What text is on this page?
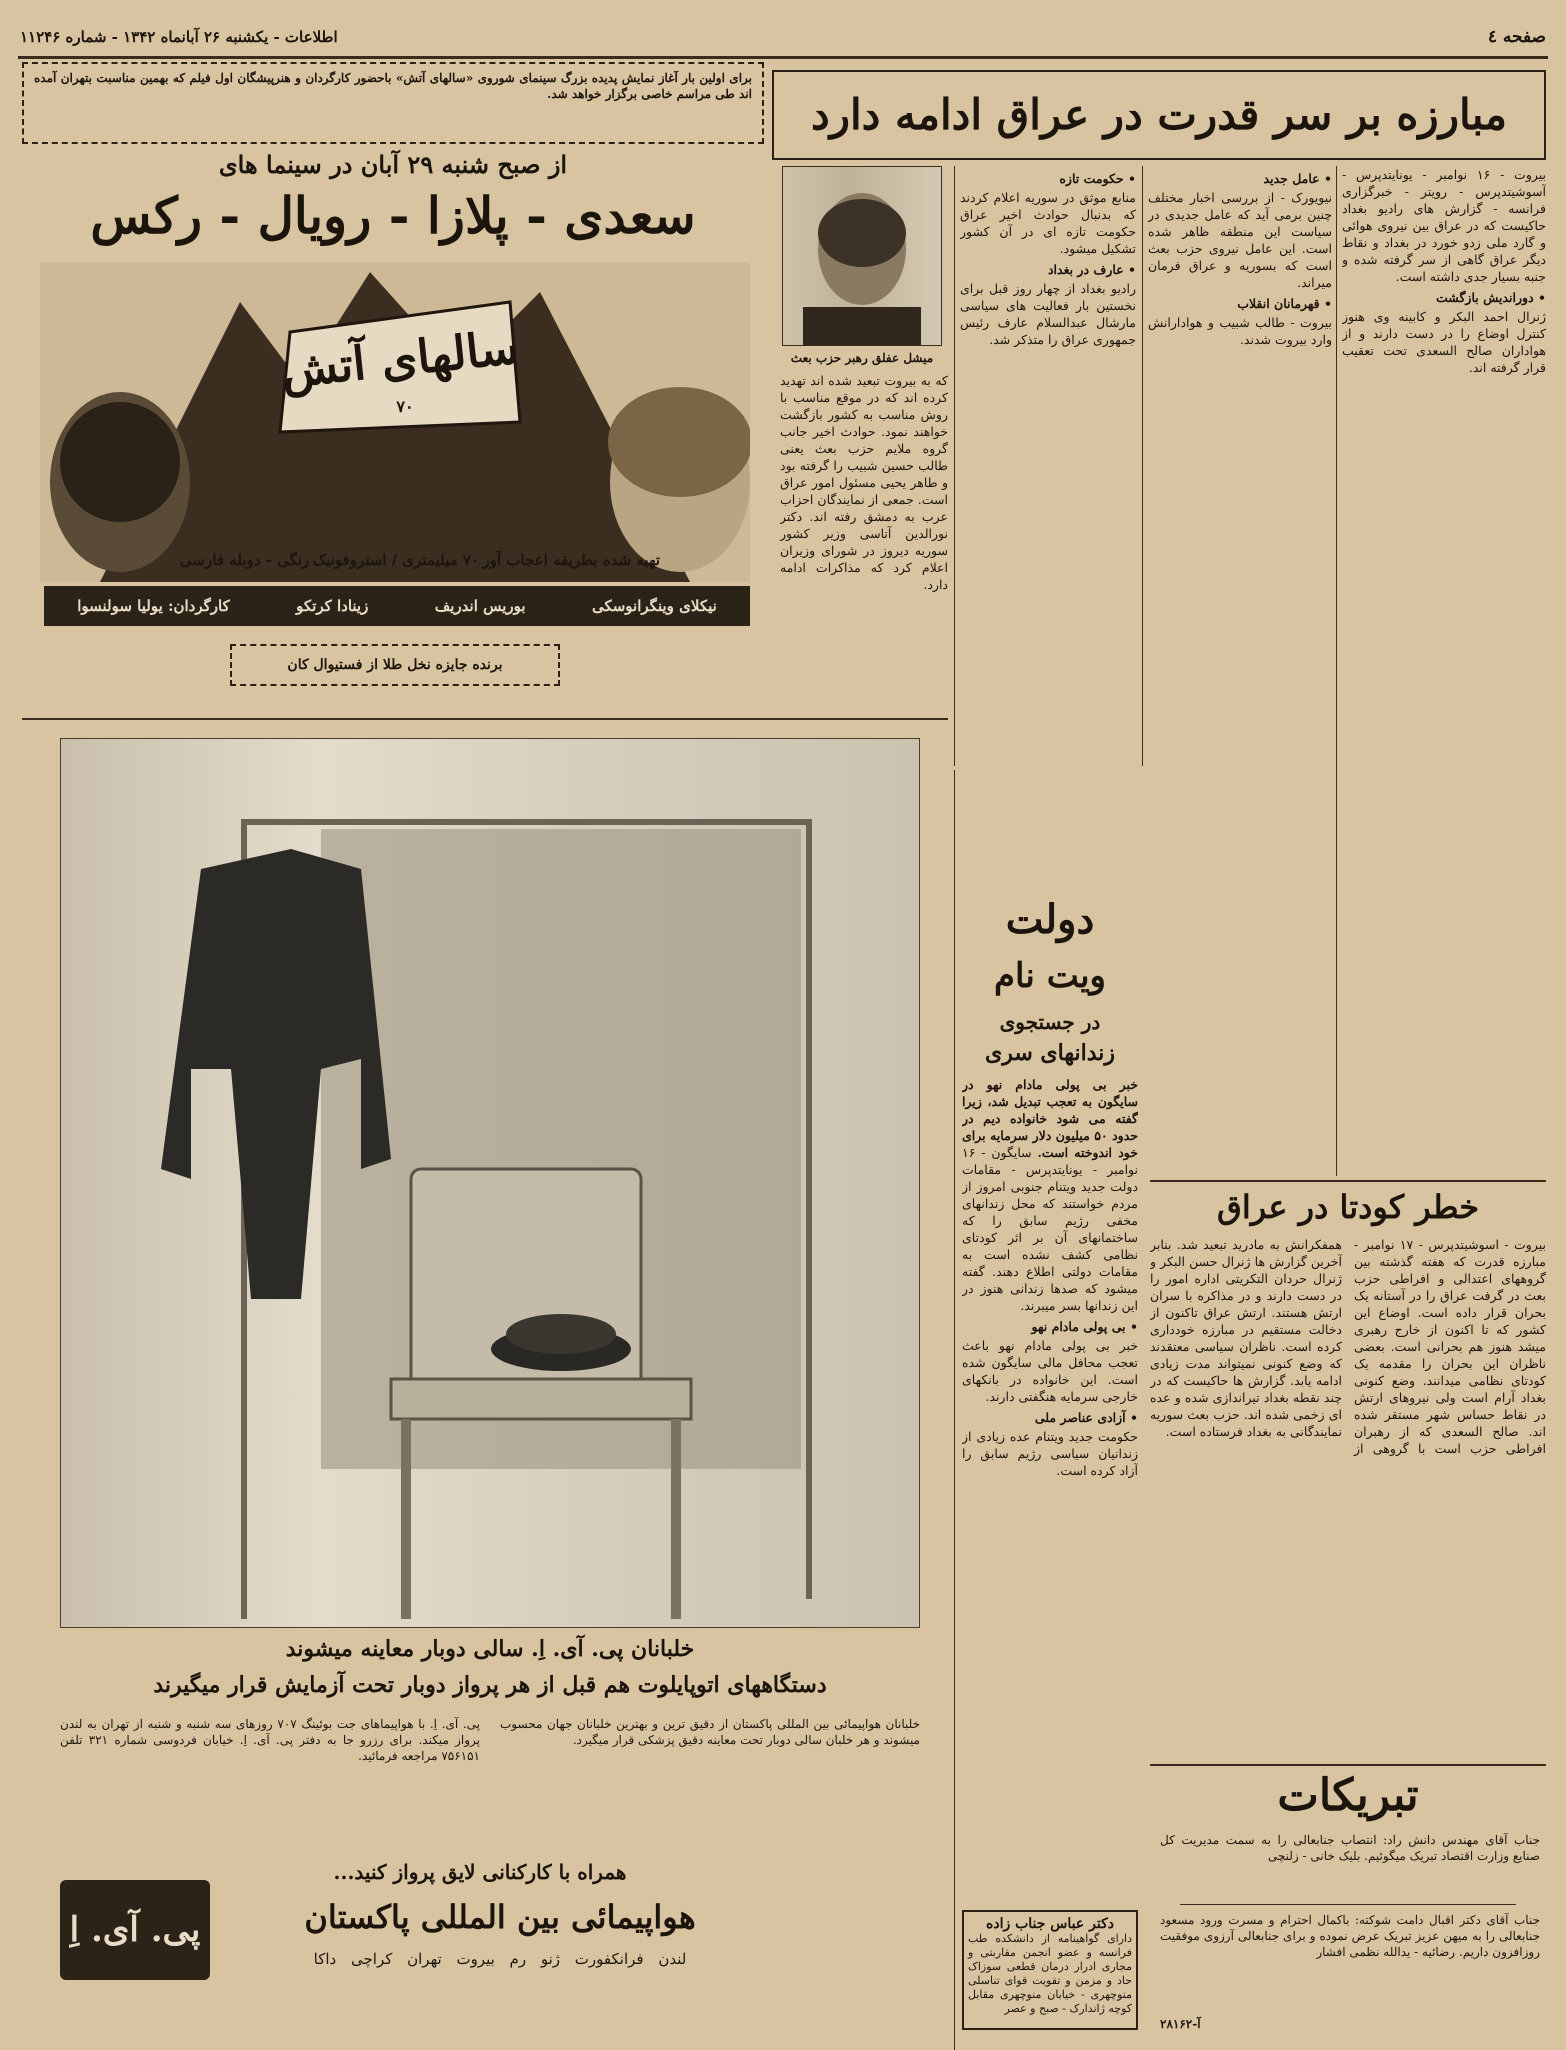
صفحه ٤
اطلاعات - یکشنبه ۲۶ آبانماه ۱۳۴۲ - شماره ۱۱۲۴۶
مبارزه بر سر قدرت در عراق ادامه دارد
بیروت - ۱۶ نوامبر - یونایتدپرس - آسوشیتدپرس - رویتر - خبرگزاری فرانسه - گزارش های رادیو بغداد حاکیست که در عراق بین نیروی هوائی و گارد ملی زدو خورد در بغداد و نقاط دیگر عراق گاهی از سر گرفته شده و جنبه بسیار جدی داشته است.
• دوراندیش بازگشت
ژنرال احمد البکر و کابینه وی هنوز کنترل اوضاع را در دست دارند و از هواداران صالح السعدی تحت تعقیب قرار گرفته اند.
• عامل جدید
نیویورک - از بررسی اخبار مختلف چنین برمی آید که عامل جدیدی در سیاست این منطقه ظاهر شده است. این عامل نیروی حزب بعث است که بسوریه و عراق فرمان میراند.
• قهرمانان انقلاب
بیروت - طالب شبیب و هوادارانش وارد بیروت شدند.
• حکومت تازه
منابع موثق در سوریه اعلام کردند که بدنبال حوادث اخیر عراق حکومت تازه ای در آن کشور تشکیل میشود.
• عارف در بغداد
رادیو بغداد از چهار روز قبل برای نخستین بار فعالیت های سیاسی مارشال عبدالسلام عارف رئیس جمهوری عراق را متذکر شد.
میشل عفلق رهبر حزب بعث
که به بیروت تبعید شده اند تهدید کرده اند که در موقع مناسب با روش مناسب به کشور بازگشت خواهند نمود. حوادث اخیر جانب گروه ملایم حزب بعث یعنی طالب حسین شبیب را گرفته بود و طاهر یحیی مسئول امور عراق است. جمعی از نمایندگان احزاب عرب به دمشق رفته اند. دکتر نورالدین آتاسی وزیر کشور سوریه دیروز در شورای وزیران اعلام کرد که مذاکرات ادامه دارد.
برای اولین بار آغاز نمایش پدیده بزرگ سینمای شوروی «سالهای آتش» باحضور کارگردان و هنرپیشگان اول فیلم که بهمین مناسبت بتهران آمده اند طی مراسم خاصی برگزار خواهد شد.
از صبح شنبه ۲۹ آبان در سینما های
سعدی - پلازا - رویال - رکس
سالهای آتش
۷۰
تهیه شده بطریقه اعجاب آور
۷۰ میلیمتری / استروفونیک
رنگی - دوبله فارسی
نیکلای وینگرانوسکی
بوریس اندریف
زینادا کرتکو
کارگردان: یولیا سولنسوا
برنده جایزه نخل طلا از فستیوال کان
خلبانان پی. آی. اِ. سالی دوبار معاینه میشوند
دستگاههای اتوپایلوت هم قبل از هر پرواز دوبار تحت آزمایش قرار میگیرند
خلبانان هواپیمائی بین المللی پاکستان از دقیق ترین و بهترین خلبانان جهان محسوب میشوند و هر خلبان سالی دوبار تحت معاینه دقیق پزشکی قرار میگیرد.
پی. آی. اِ. با هواپیماهای جت بوئینگ ۷۰۷ روزهای سه شنبه و شنبه از تهران به لندن پرواز میکند. برای رزرو جا به دفتر پی. آی. اِ. خیابان فردوسی شماره ۳۲۱ تلفن ۷۵۶۱۵۱ مراجعه فرمائید.
همراه با کارکنانی لایق پرواز کنید...
هواپیمائی بین المللی پاکستان
لندن فرانکفورت ژنو رم بیروت تهران کراچی داکا
پی. آی. اِ
دولت
ویت نام
در جستجوی
زندانهای سری
خبر بی پولی مادام نهو در سایگون به تعجب تبدیل شد، زیرا گفته می شود خانواده دیم در حدود ۵۰ میلیون دلار سرمایه برای خود اندوخته است. سایگون - ۱۶ نوامبر - یونایتدپرس - مقامات دولت جدید ویتنام جنوبی امروز از مردم خواستند که محل زندانهای مخفی رژیم سابق را که ساختمانهای آن بر اثر کودتای نظامی کشف نشده است به مقامات دولتی اطلاع دهند. گفته میشود که صدها زندانی هنوز در این زندانها بسر میبرند.
• بی پولی مادام نهو
خبر بی پولی مادام نهو باعث تعجب محافل مالی سایگون شده است. این خانواده در بانکهای خارجی سرمایه هنگفتی دارند.
• آزادی عناصر ملی
حکومت جدید ویتنام عده زیادی از زندانیان سیاسی رژیم سابق را آزاد کرده است.
دکتر عباس جناب زاده
دارای گواهینامه از دانشکده طب فرانسه و عضو انجمن مقاربتی و مجاری ادرار درمان قطعی سوزاک حاد و مزمن و تقویت قوای تناسلی منوچهری - خیابان منوچهری مقابل کوچه ژاندارک - صبح و عصر
خطر کودتا در عراق
بیروت - اسوشیتدپرس - ۱۷ نوامبر - مبارزه قدرت که هفته گذشته بین گروههای اعتدالی و افراطی حزب بعث در گرفت عراق را در آستانه یک بحران قرار داده است. اوضاع این کشور که تا اکنون از خارج رهبری میشد هنوز هم بحرانی است. بعضی ناظران این بحران را مقدمه یک کودتای نظامی میدانند. وضع کنونی بغداد آرام است ولی نیروهای ارتش در نقاط حساس شهر مستقر شده اند. صالح السعدی که از رهبران افراطی حزب است با گروهی از همفکرانش به مادرید تبعید شد. بنابر آخرین گزارش ها ژنرال حسن البکر و ژنرال حردان التکریتی اداره امور را در دست دارند و در مذاکره با سران ارتش هستند. ارتش عراق تاکنون از دخالت مستقیم در مبارزه خودداری کرده است. ناظران سیاسی معتقدند که وضع کنونی نمیتواند مدت زیادی ادامه یابد. گزارش ها حاکیست که در چند نقطه بغداد تیراندازی شده و عده ای زخمی شده اند. حزب بعث سوریه نمایندگانی به بغداد فرستاده است.
تبریکات
جناب آقای مهندس دانش راد: انتصاب جنابعالی را به سمت مدیریت کل صنایع وزارت اقتصاد تبریک میگوئیم. بلیک خانی - زلنچی
جناب آقای دکتر اقبال دامت شوکته: باکمال احترام و مسرت ورود مسعود جنابعالی را به میهن عزیز تبریک عرض نموده و برای جنابعالی آرزوی موفقیت روزافزون داریم. رضائیه - یدالله نظمی افشار
آ-۲۸۱۶۲
